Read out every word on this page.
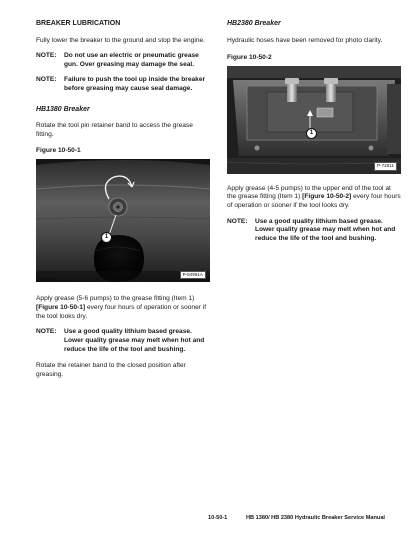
BREAKER LUBRICATION

Fully lower the breaker to the ground and stop the engine.

NOTE:	Do not use an electric or pneumatic grease gun. Over greasing may damage the seal.
NOTE:	Failure to push the tool up inside the breaker before greasing may cause seal damage.

HB1380 Breaker

Rotate the tool pin retainer band to access the grease fitting.

Figure 10-50-1

1
P-84991A

Apply grease (5-6 pumps) to the grease fitting (Item 1) [Figure 10-50-1] every four hours of operation or sooner if the tool looks dry.

NOTE:	Use a good quality lithium based grease. Lower quality grease may melt when hot and reduce the life of the tool and bushing.

Rotate the retainer band to the closed position after greasing.

HB2380 Breaker

Hydraulic hoses have been removed for photo clarity.

Figure 10-50-2

1
P-72611

Apply grease (4-5 pumps) to the upper end of the tool at the grease fitting (Item 1) [Figure 10-50-2] every four hours of operation or sooner if the tool looks dry.

NOTE:	Use a good quality lithium based grease. Lower quality grease may melt when hot and reduce the life of the tool and bushing.
10-50-1	HB 1380/ HB 2380 Hydraulic Breaker Service Manual
